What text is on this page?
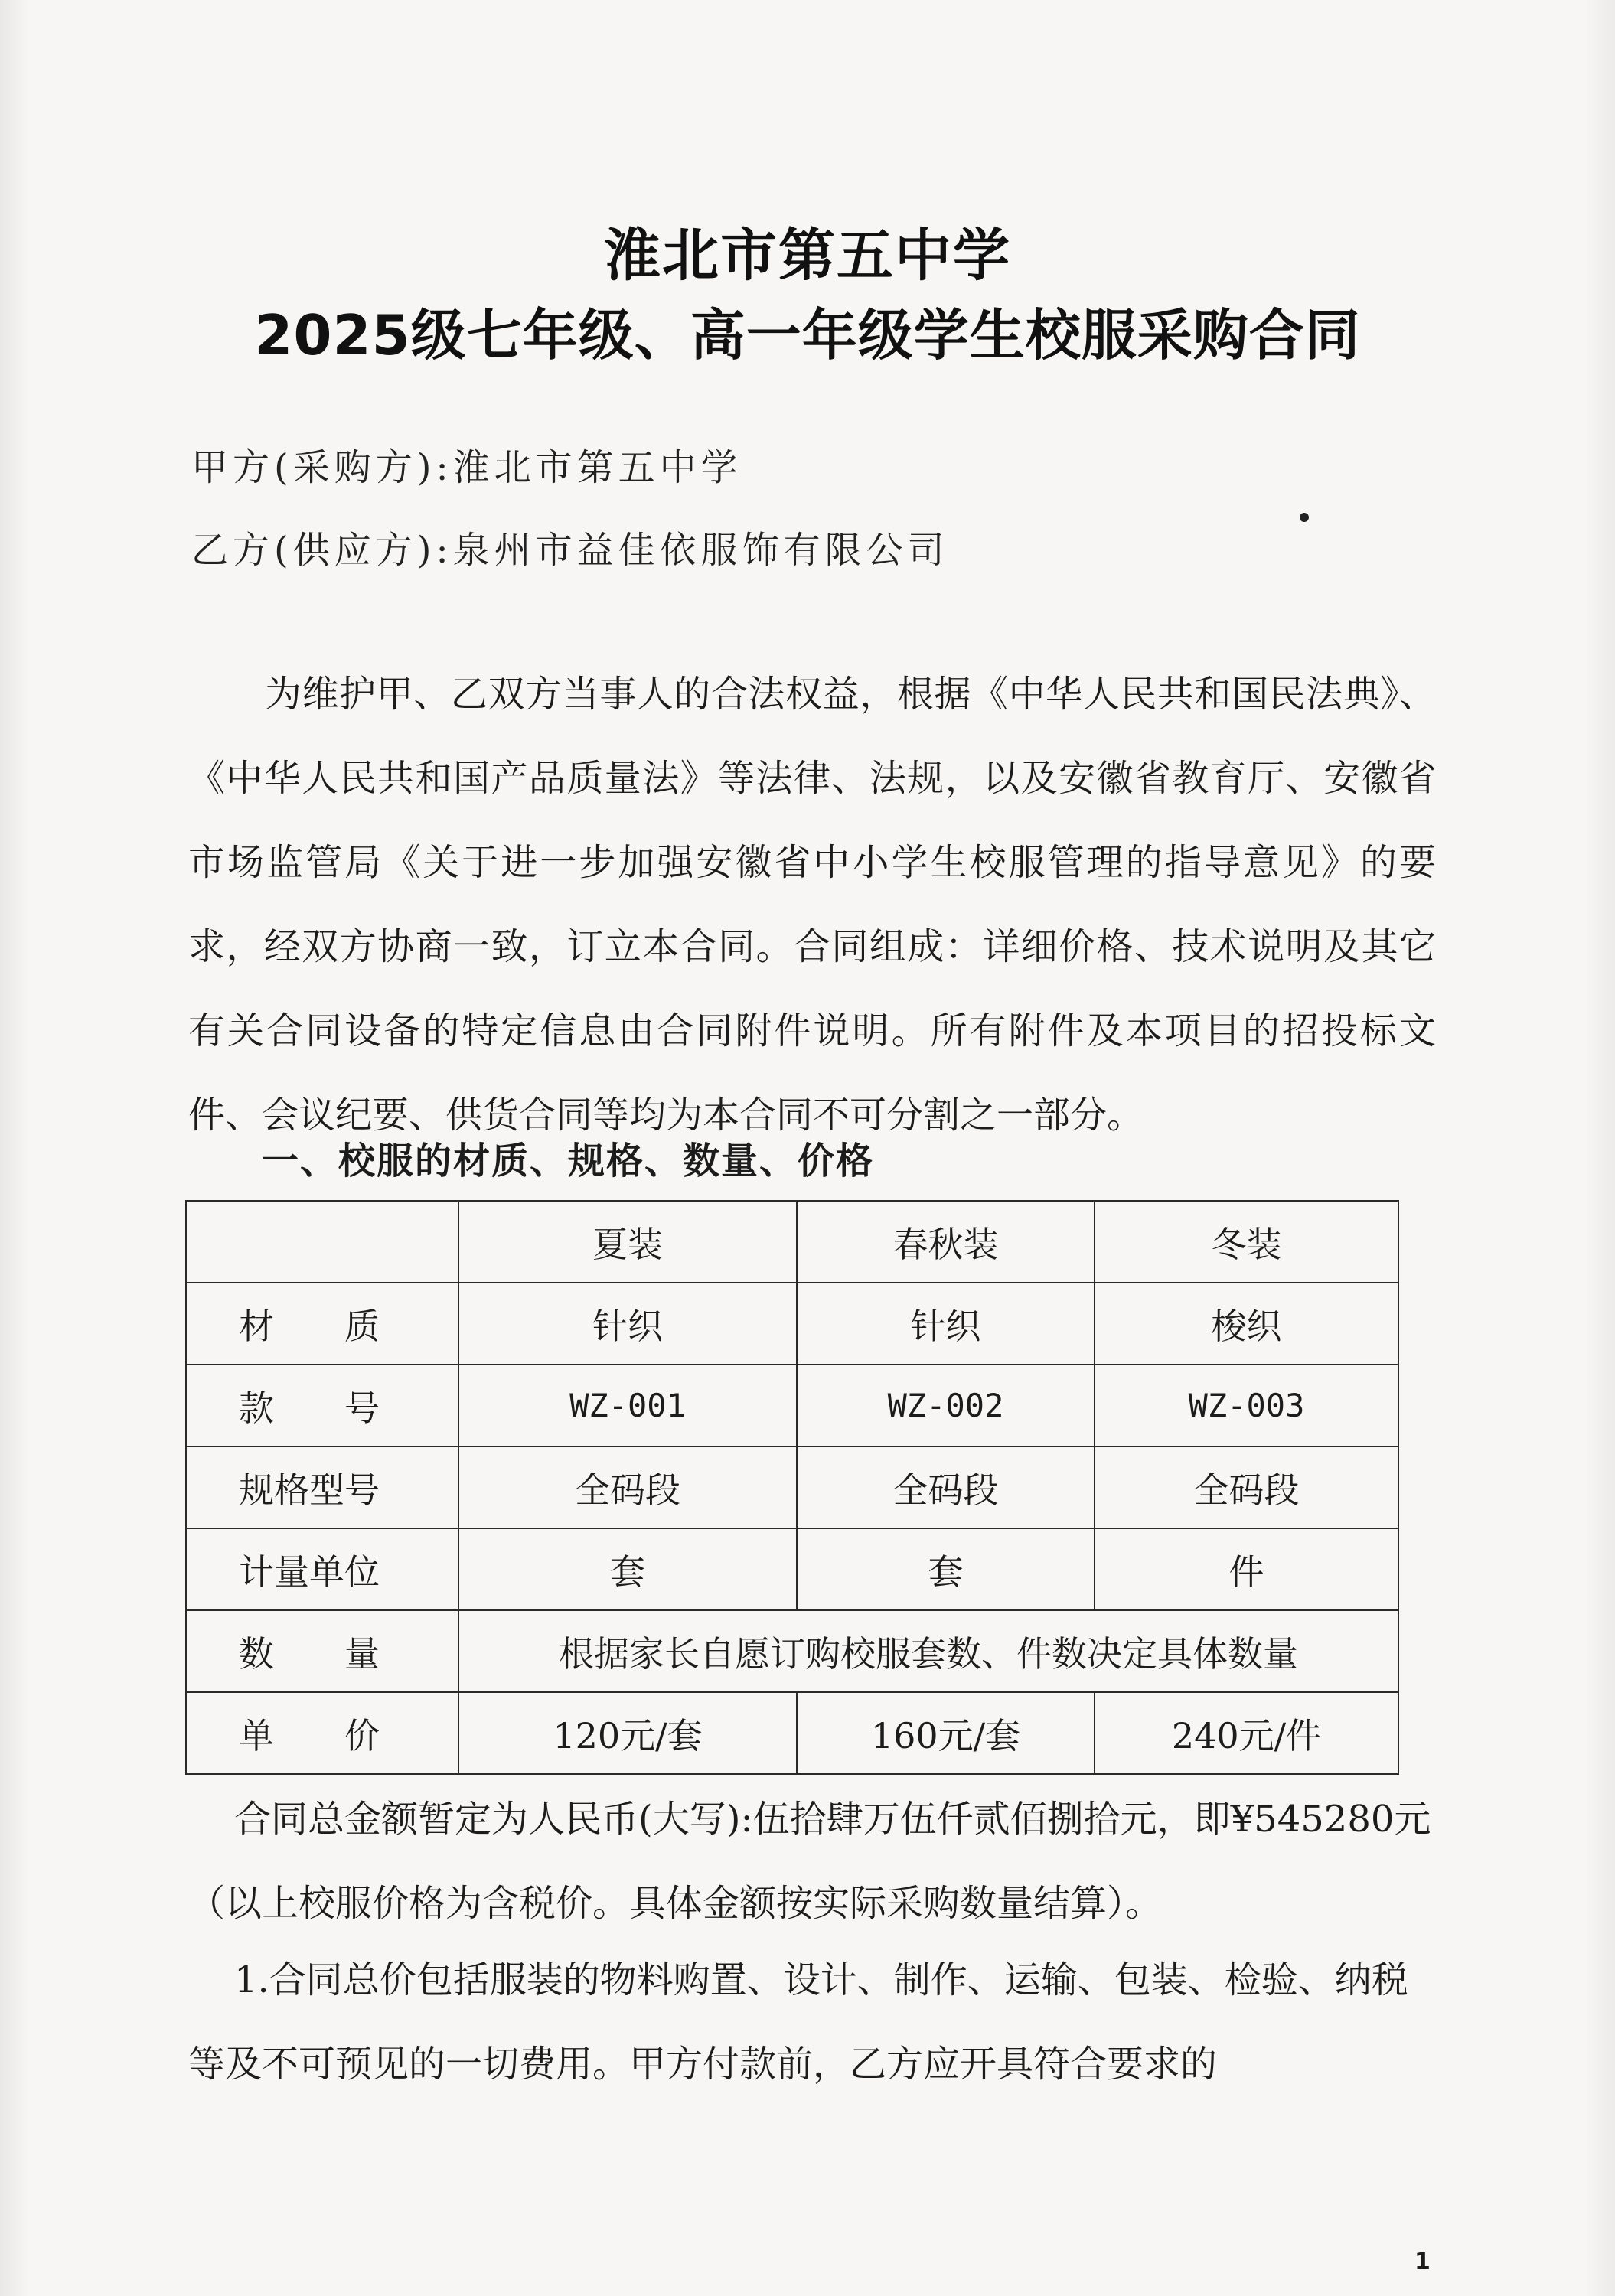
淮北市第五中学
2025级七年级、高一年级学生校服采购合同
甲方(采购方):淮北市第五中学
乙方(供应方):泉州市益佳依服饰有限公司
为维护甲、乙双方当事人的合法权益，根据《中华人民共和国民法典》、《中华人民共和国产品质量法》等法律、法规，以及安徽省教育厅、安徽省市场监管局《关于进一步加强安徽省中小学生校服管理的指导意见》的要求，经双方协商一致，订立本合同。合同组成：详细价格、技术说明及其它有关合同设备的特定信息由合同附件说明。所有附件及本项目的招投标文件、会议纪要、供货合同等均为本合同不可分割之一部分。
一、校服的材质、规格、数量、价格
	夏装	春秋装	冬装
材　　质	针织	针织	梭织
款　　号	WZ-001	WZ-002	WZ-003
规格型号	全码段	全码段	全码段
计量单位	套	套	件
数　　量	根据家长自愿订购校服套数、件数决定具体数量		
单　　价	120元/套	160元/套	240元/件
合同总金额暂定为人民币(大写):伍拾肆万伍仟贰佰捌拾元，即¥545280元（以上校服价格为含税价。具体金额按实际采购数量结算）。
1.合同总价包括服装的物料购置、设计、制作、运输、包装、检验、纳税等及不可预见的一切费用。甲方付款前，乙方应开具符合要求的
1
